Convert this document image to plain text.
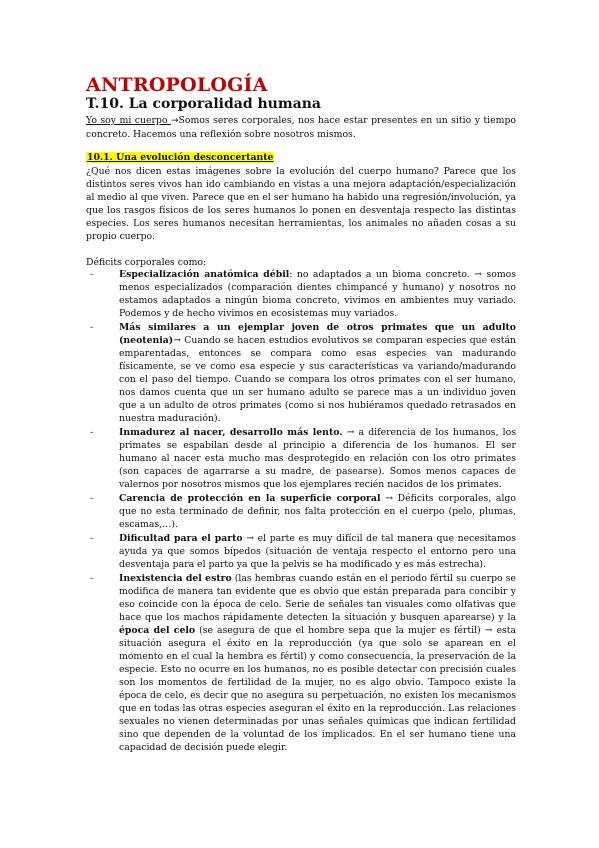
ANTROPOLOGÍA
T.10. La corporalidad humana

Yo soy mi cuerpo →Somos seres corporales, nos hace estar presentes en un sitio y tiempo concreto. Hacemos una reflexión sobre nosotros mismos.

10.1. Una evolución desconcertante

¿Qué nos dicen estas imágenes sobre la evolución del cuerpo humano? Parece que los distintos seres vivos han ido cambiando en vistas a una mejora adaptación/especialización al medio al que viven. Parece que en el ser humano ha habido una regresión/involución, ya que los rasgos físicos de los seres humanos lo ponen en desventaja respecto las distintas especies. Los seres humanos necesitan herramientas, los animales no añaden cosas a su propio cuerpo.

Déficits corporales como:

-	Especialización anatómica débil: no adaptados a un bioma concreto. → somos menos especializados (comparación dientes chimpancé y humano) y nosotros no estamos adaptados a ningún bioma concreto, vivimos en ambientes muy variado. Podemos y de hecho vivimos en ecosistemas muy variados.
-	Más similares a un ejemplar joven de otros primates que un adulto (neotenia)→ Cuando se hacen estudios evolutivos se comparan especies que están emparentadas, entonces se compara como esas especies van madurando físicamente, se ve como esa especie y sus características va variando/madurando con el paso del tiempo. Cuando se compara los otros primates con el ser humano, nos damos cuenta que un ser humano adulto se parece mas a un individuo joven que a un adulto de otros primates (como si nos hubiéramos quedado retrasados en nuestra maduración).
-	Inmadurez al nacer, desarrollo más lento. → a diferencia de los humanos, los primates se espabilan desde al principio a diferencia de los humanos. El ser humano al nacer esta mucho mas desprotegido en relación con los otro primates (son capaces de agarrarse a su madre, de pasearse). Somos menos capaces de valernos por nosotros mismos que los ejemplares recién nacidos de los primates.
-	Carencia de protección en la superficie corporal → Déficits corporales, algo que no esta terminado de definir, nos falta protección en el cuerpo (pelo, plumas, escamas,…).
-	Dificultad para el parto → el parte es muy difícil de tal manera que necesitamos ayuda ya que somos bípedos (situación de ventaja respecto el entorno pero una desventaja para el parto ya que la pelvis se ha modificado y es más estrecha).
-	Inexistencia del estro (las hembras cuando están en el periodo fértil su cuerpo se modifica de manera tan evidente que es obvio que están preparada para concibir y eso coincide con la época de celo. Serie de señales tan visuales como olfativas que hace que los machos rápidamente detecten la situación y busquen aparearse) y la época del celo (se asegura de que el hombre sepa que la mujer es fértil) → esta situación asegura el éxito en la reproducción (ya que solo se aparean en el momento en el cual la hembra es fértil) y como consecuencia, la preservación de la especie. Esto no ocurre en los humanos, no es posible detectar con precisión cuales son los momentos de fertilidad de la mujer, no es algo obvio. Tampoco existe la época de celo, es decir que no asegura su perpetuación, no existen los mecanismos que en todas las otras especies aseguran el éxito en la reproducción. Las relaciones sexuales no vienen determinadas por unas señales químicas que indican fertilidad sino que dependen de la voluntad de los implicados. En el ser humano tiene una capacidad de decisión puede elegir.
